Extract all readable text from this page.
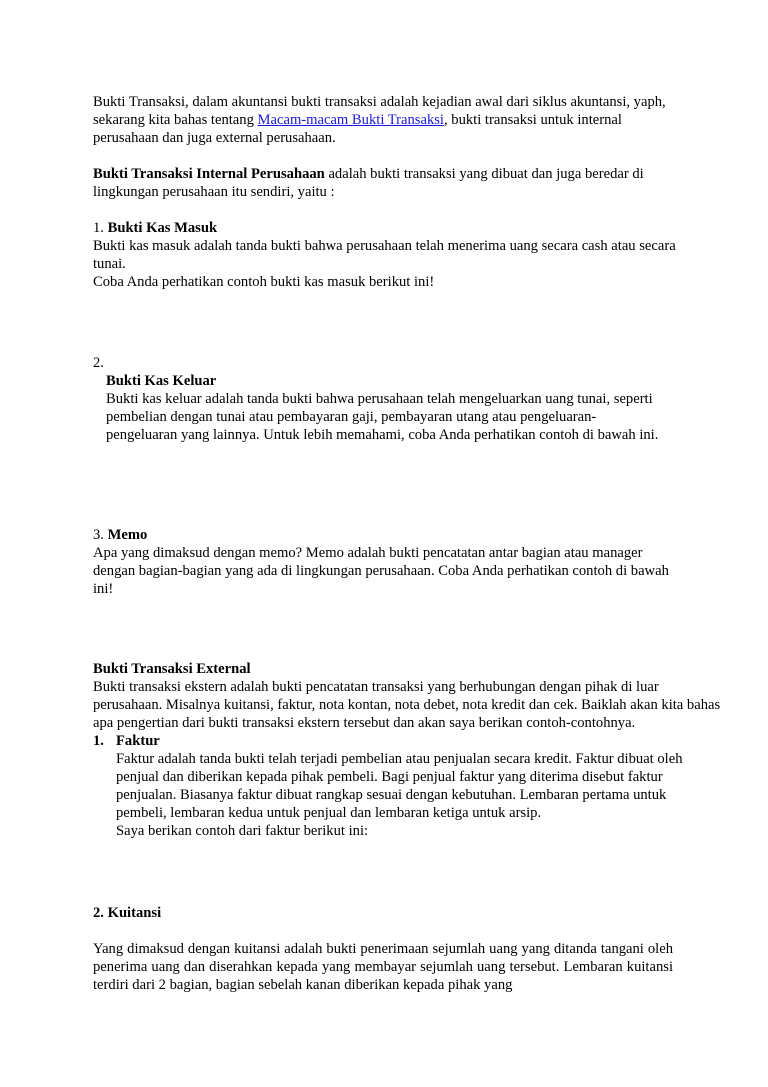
Bukti Transaksi, dalam akuntansi bukti transaksi adalah kejadian awal dari siklus akuntansi, yaph, sekarang kita bahas tentang Macam-macam Bukti Transaksi, bukti transaksi untuk internal perusahaan dan juga external perusahaan.

Bukti Transaksi Internal Perusahaan adalah bukti transaksi yang dibuat dan juga beredar di lingkungan perusahaan itu sendiri, yaitu :

1. Bukti Kas Masuk

Bukti kas masuk adalah tanda bukti bahwa perusahaan telah menerima uang secara cash atau secara tunai.

Coba Anda perhatikan contoh bukti kas masuk berikut ini!

2.

Bukti Kas Keluar

Bukti kas keluar adalah tanda bukti bahwa perusahaan telah mengeluarkan uang tunai, seperti pembelian dengan tunai atau pembayaran gaji, pembayaran utang atau pengeluaran-pengeluaran yang lainnya. Untuk lebih memahami, coba Anda perhatikan contoh di bawah ini.

3. Memo

Apa yang dimaksud dengan memo? Memo adalah bukti pencatatan antar bagian atau manager dengan bagian-bagian yang ada di lingkungan perusahaan. Coba Anda perhatikan contoh di bawah ini!

Bukti Transaksi External

Bukti transaksi ekstern adalah bukti pencatatan transaksi yang berhubungan dengan pihak di luar perusahaan. Misalnya kuitansi, faktur, nota kontan, nota debet, nota kredit dan cek. Baiklah akan kita bahas apa pengertian dari bukti transaksi ekstern tersebut dan akan saya berikan contoh-contohnya.

1. Faktur

Faktur adalah tanda bukti telah terjadi pembelian atau penjualan secara kredit. Faktur dibuat oleh penjual dan diberikan kepada pihak pembeli. Bagi penjual faktur yang diterima disebut faktur penjualan. Biasanya faktur dibuat rangkap sesuai dengan kebutuhan. Lembaran pertama untuk pembeli, lembaran kedua untuk penjual dan lembaran ketiga untuk arsip.

Saya berikan contoh dari faktur berikut ini:

2. Kuitansi

Yang dimaksud dengan kuitansi adalah bukti penerimaan sejumlah uang yang ditanda tangani oleh penerima uang dan diserahkan kepada yang membayar sejumlah uang tersebut. Lembaran kuitansi terdiri dari 2 bagian, bagian sebelah kanan diberikan kepada pihak yang
